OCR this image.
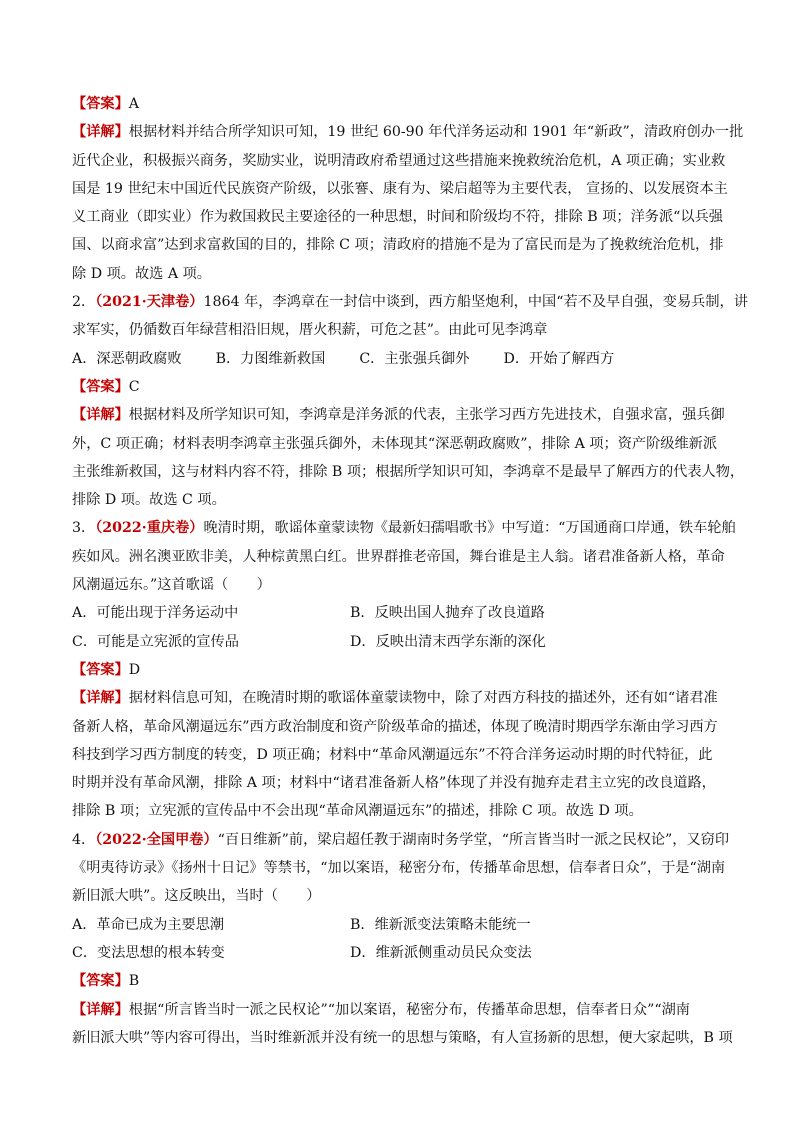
【答案】A
【详解】根据材料并结合所学知识可知，19 世纪 60-90 年代洋务运动和 1901 年“新政”，清政府创办一批
近代企业，积极振兴商务，奖励实业，说明清政府希望通过这些措施来挽救统治危机，A 项正确；实业救
国是 19 世纪末中国近代民族资产阶级，以张謇、康有为、梁启超等为主要代表， 宣扬的、以发展资本主
义工商业（即实业）作为救国救民主要途径的一种思想，时间和阶级均不符，排除 B 项；洋务派“以兵强
国、以商求富”达到求富救国的目的，排除 C 项；清政府的措施不是为了富民而是为了挽救统治危机，排
除 D 项。故选 A 项。
2．（2021·天津卷）1864 年，李鸿章在一封信中谈到，西方船坚炮利，中国“若不及早自强，变易兵制，讲
求军实，仍循数百年绿营相沿旧规，厝火积薪，可危之甚”。由此可见李鸿章
A．深恶朝政腐败 B．力图维新救国 C．主张强兵御外 D．开始了解西方
【答案】C
【详解】根据材料及所学知识可知，李鸿章是洋务派的代表，主张学习西方先进技术，自强求富，强兵御
外，C 项正确；材料表明李鸿章主张强兵御外，未体现其“深恶朝政腐败”，排除 A 项；资产阶级维新派
主张维新救国，这与材料内容不符，排除 B 项；根据所学知识可知，李鸿章不是最早了解西方的代表人物，
排除 D 项。故选 C 项。
3．（2022·重庆卷）晚清时期，歌谣体童蒙读物《最新妇孺唱歌书》中写道：“万国通商口岸通，铁车轮舶
疾如风。洲名澳亚欧非美，人种棕黄黑白红。世界群推老帝国，舞台谁是主人翁。诸君准备新人格，革命
风潮逼远东。”这首歌谣（　　）
A．可能出现于洋务运动中	B．反映出国人抛弃了改良道路
C．可能是立宪派的宣传品	D．反映出清末西学东渐的深化
【答案】D
【详解】据材料信息可知，在晚清时期的歌谣体童蒙读物中，除了对西方科技的描述外，还有如“诸君准
备新人格，革命风潮逼远东”西方政治制度和资产阶级革命的描述，体现了晚清时期西学东渐由学习西方
科技到学习西方制度的转变，D 项正确；材料中“革命风潮逼远东”不符合洋务运动时期的时代特征，此
时期并没有革命风潮，排除 A 项；材料中“诸君准备新人格”体现了并没有抛弃走君主立宪的改良道路，
排除 B 项；立宪派的宣传品中不会出现“革命风潮逼远东”的描述，排除 C 项。故选 D 项。
4．（2022·全国甲卷）“百日维新”前，梁启超任教于湖南时务学堂，“所言皆当时一派之民权论”，又窃印
《明夷待访录》《扬州十日记》等禁书，“加以案语，秘密分布，传播革命思想，信奉者日众”，于是“湖南
新旧派大哄”。这反映出，当时（　　）
A．革命已成为主要思潮	B．维新派变法策略未能统一
C．变法思想的根本转变	D．维新派侧重动员民众变法
【答案】B
【详解】根据“所言皆当时一派之民权论”“加以案语，秘密分布，传播革命思想，信奉者日众”“湖南
新旧派大哄”等内容可得出，当时维新派并没有统一的思想与策略，有人宣扬新的思想，便大家起哄，B 项
